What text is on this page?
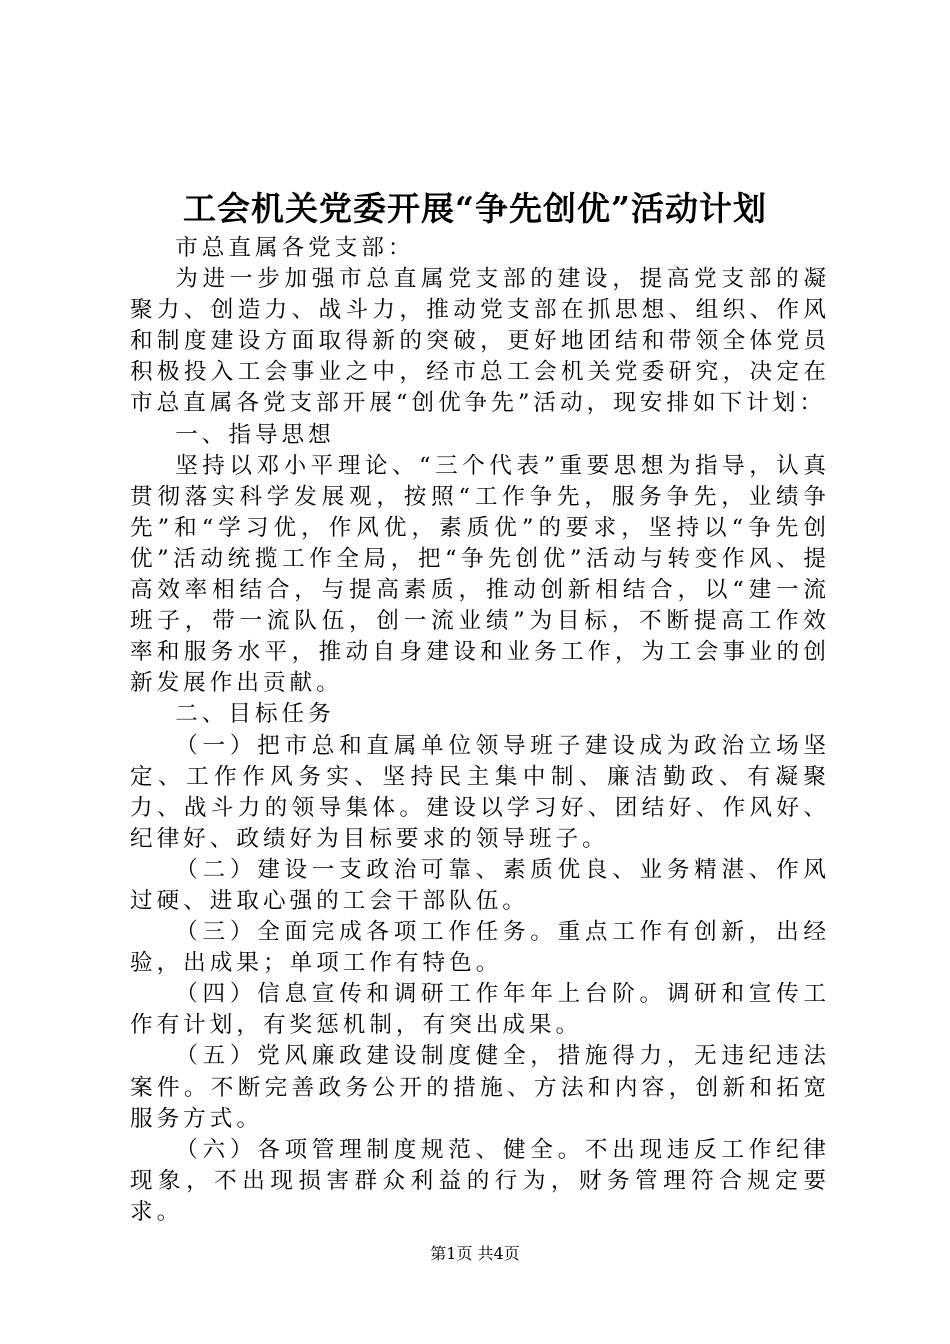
工会机关党委开展“争先创优”活动计划

市总直属各党支部：

为进一步加强市总直属党支部的建设，提高党支部的凝聚力、创造力、战斗力，推动党支部在抓思想、组织、作风和制度建设方面取得新的突破，更好地团结和带领全体党员积极投入工会事业之中，经市总工会机关党委研究，决定在市总直属各党支部开展“创优争先”活动，现安排如下计划：

一、指导思想

坚持以邓小平理论、“三个代表”重要思想为指导，认真贯彻落实科学发展观，按照“工作争先，服务争先，业绩争先”和“学习优，作风优，素质优”的要求，坚持以“争先创优”活动统揽工作全局，把“争先创优”活动与转变作风、提高效率相结合，与提高素质，推动创新相结合，以“建一流班子，带一流队伍，创一流业绩”为目标，不断提高工作效率和服务水平，推动自身建设和业务工作，为工会事业的创新发展作出贡献。

二、目标任务

（一）把市总和直属单位领导班子建设成为政治立场坚定、工作作风务实、坚持民主集中制、廉洁勤政、有凝聚力、战斗力的领导集体。建设以学习好、团结好、作风好、纪律好、政绩好为目标要求的领导班子。

（二）建设一支政治可靠、素质优良、业务精湛、作风过硬、进取心强的工会干部队伍。

（三）全面完成各项工作任务。重点工作有创新，出经验，出成果；单项工作有特色。

（四）信息宣传和调研工作年年上台阶。调研和宣传工作有计划，有奖惩机制，有突出成果。

（五）党风廉政建设制度健全，措施得力，无违纪违法案件。不断完善政务公开的措施、方法和内容，创新和拓宽服务方式。

（六）各项管理制度规范、健全。不出现违反工作纪律现象，不出现损害群众利益的行为，财务管理符合规定要求。

第1页 共4页
